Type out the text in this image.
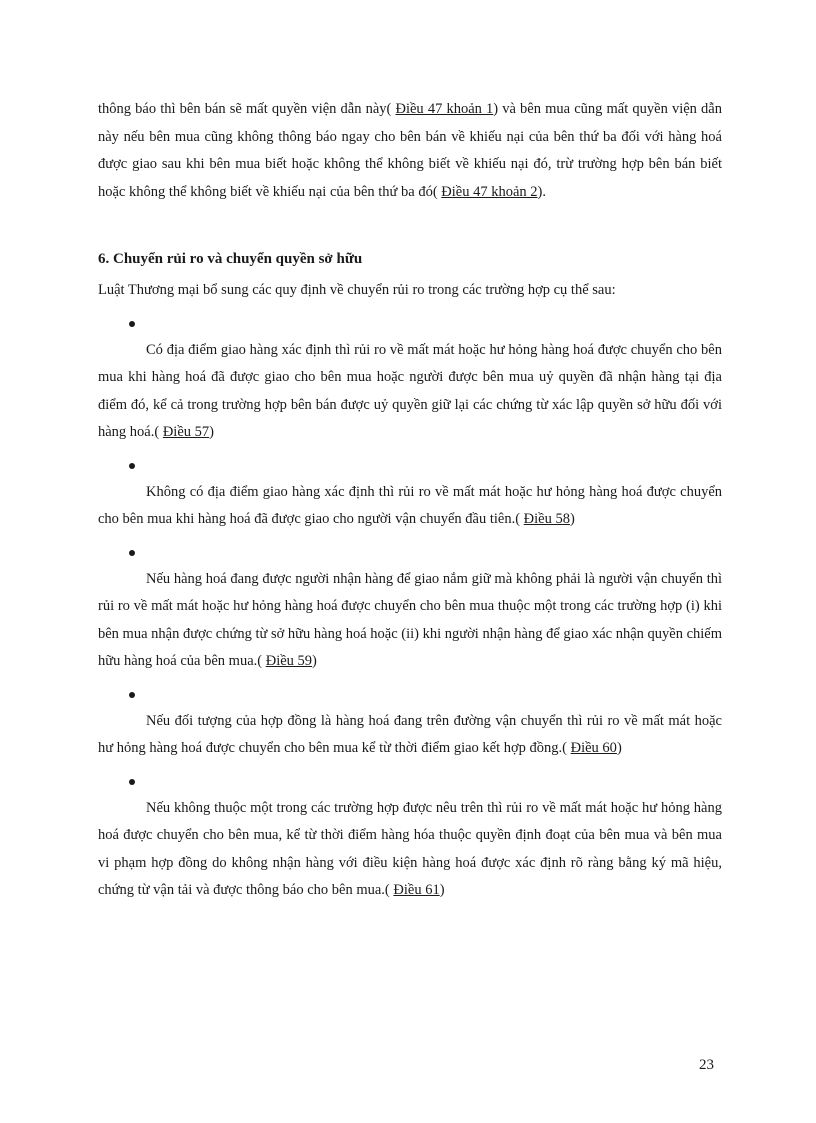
thông báo thì bên bán sẽ mất quyền viện dẫn này( Điều 47 khoản 1) và bên mua cũng mất quyền viện dẫn này nếu bên mua cũng không thông báo ngay cho bên bán về khiếu nại của bên thứ ba đối với hàng hoá được giao sau khi bên mua biết hoặc không thể không biết về khiếu nại đó, trừ trường hợp bên bán biết hoặc không thể không biết về khiếu nại của bên thứ ba đó( Điều 47 khoản 2).

6. Chuyển rủi ro và chuyển quyền sở hữu

Luật Thương mại bổ sung các quy định về chuyển rủi ro trong các trường hợp cụ thể sau:

Có địa điểm giao hàng xác định thì rủi ro về mất mát hoặc hư hỏng hàng hoá được chuyển cho bên mua khi hàng hoá đã được giao cho bên mua hoặc người được bên mua uỷ quyền đã nhận hàng tại địa điểm đó, kể cả trong trường hợp bên bán được uỷ quyền giữ lại các chứng từ xác lập quyền sở hữu đối với hàng hoá.( Điều 57)

Không có địa điểm giao hàng xác định thì rủi ro về mất mát hoặc hư hỏng hàng hoá được chuyển cho bên mua khi hàng hoá đã được giao cho người vận chuyển đầu tiên.( Điều 58)

Nếu hàng hoá đang được người nhận hàng để giao nắm giữ mà không phải là người vận chuyển thì rủi ro về mất mát hoặc hư hỏng hàng hoá được chuyển cho bên mua thuộc một trong các trường hợp (i) khi bên mua nhận được chứng từ sở hữu hàng hoá hoặc (ii) khi người nhận hàng để giao xác nhận quyền chiếm hữu hàng hoá của bên mua.( Điều 59)

Nếu đối tượng của hợp đồng là hàng hoá đang trên đường vận chuyển thì rủi ro về mất mát hoặc hư hỏng hàng hoá được chuyển cho bên mua kể từ thời điểm giao kết hợp đồng.( Điều 60)

Nếu không thuộc một trong các trường hợp được nêu trên thì rủi ro về mất mát hoặc hư hỏng hàng hoá được chuyển cho bên mua, kể từ thời điểm hàng hóa thuộc quyền định đoạt của bên mua và bên mua vi phạm hợp đồng do không nhận hàng với điều kiện hàng hoá được xác định rõ ràng bằng ký mã hiệu, chứng từ vận tải và được thông báo cho bên mua.( Điều 61)

23
